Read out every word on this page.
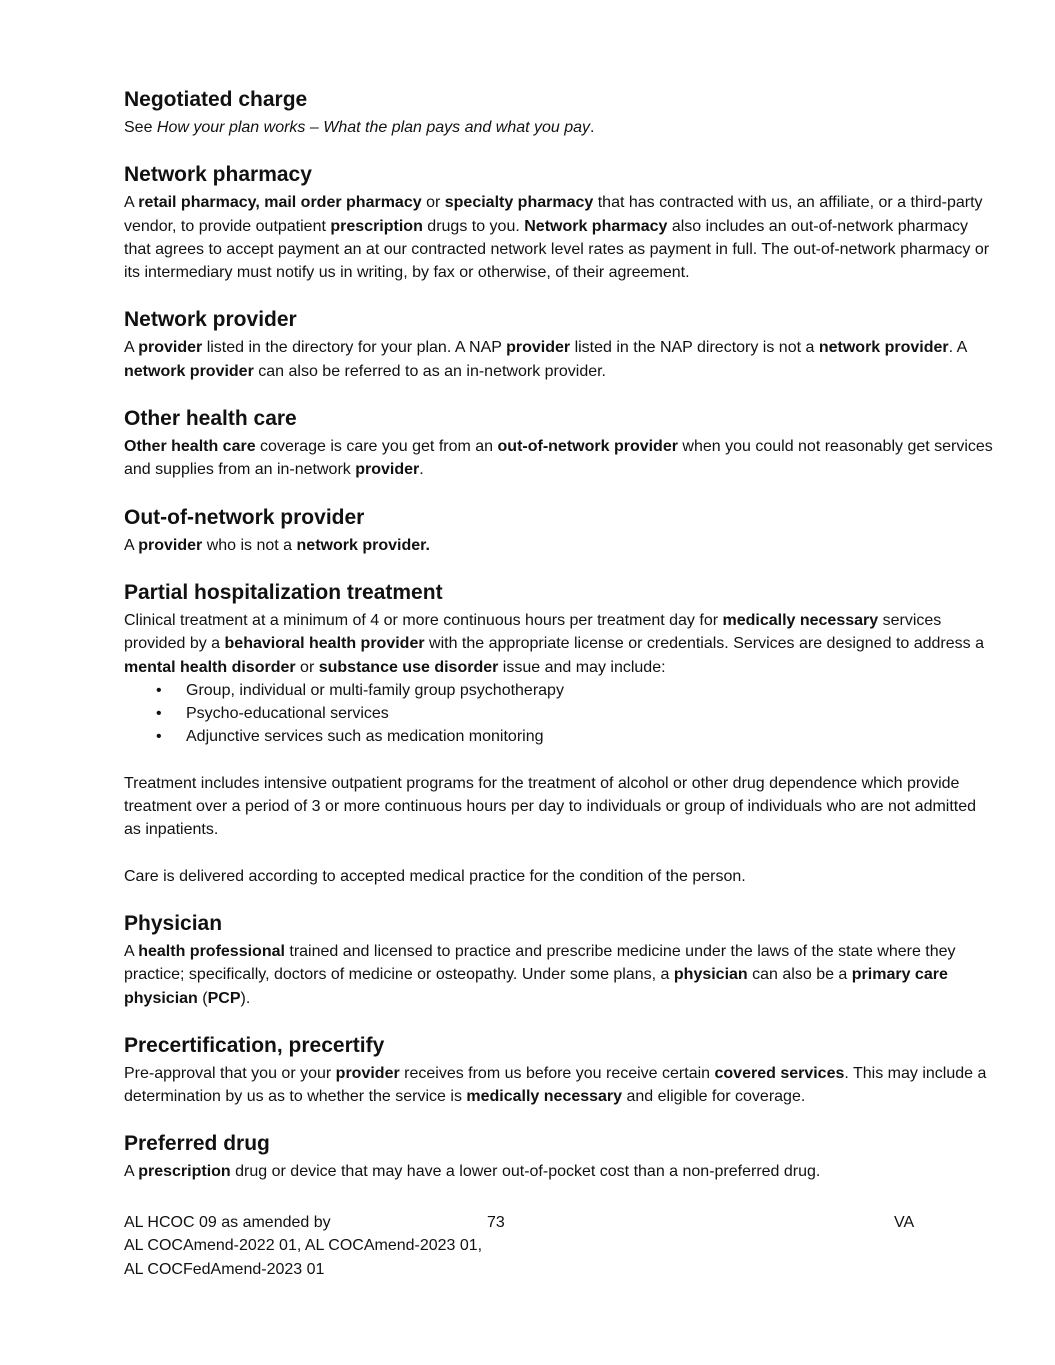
Negotiated charge

See How your plan works – What the plan pays and what you pay.

Network pharmacy

A retail pharmacy, mail order pharmacy or specialty pharmacy that has contracted with us, an affiliate, or a third-party vendor, to provide outpatient prescription drugs to you. Network pharmacy also includes an out-of-network pharmacy that agrees to accept payment an at our contracted network level rates as payment in full. The out-of-network pharmacy or its intermediary must notify us in writing, by fax or otherwise, of their agreement.

Network provider

A provider listed in the directory for your plan. A NAP provider listed in the NAP directory is not a network provider. A network provider can also be referred to as an in-network provider.

Other health care

Other health care coverage is care you get from an out-of-network provider when you could not reasonably get services and supplies from an in-network provider.

Out-of-network provider

A provider who is not a network provider.

Partial hospitalization treatment

Clinical treatment at a minimum of 4 or more continuous hours per treatment day for medically necessary services provided by a behavioral health provider with the appropriate license or credentials. Services are designed to address a mental health disorder or substance use disorder issue and may include:

• Group, individual or multi-family group psychotherapy
• Psycho-educational services
• Adjunctive services such as medication monitoring

Treatment includes intensive outpatient programs for the treatment of alcohol or other drug dependence which provide treatment over a period of 3 or more continuous hours per day to individuals or group of individuals who are not admitted as inpatients.

Care is delivered according to accepted medical practice for the condition of the person.

Physician

A health professional trained and licensed to practice and prescribe medicine under the laws of the state where they practice; specifically, doctors of medicine or osteopathy. Under some plans, a physician can also be a primary care physician (PCP).

Precertification, precertify

Pre-approval that you or your provider receives from us before you receive certain covered services. This may include a determination by us as to whether the service is medically necessary and eligible for coverage.

Preferred drug

A prescription drug or device that may have a lower out-of-pocket cost than a non-preferred drug.

AL HCOC 09 as amended by
AL COCAmend-2022 01, AL COCAmend-2023 01,
AL COCFedAmend-2023 01
73	VA
